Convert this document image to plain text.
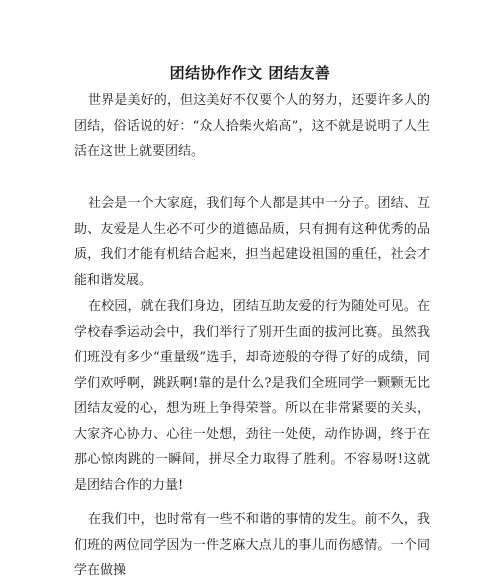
团结协作作文 团结友善

世界是美好的，但这美好不仅要个人的努力，还要许多人的团结，俗话说的好：“众人拾柴火焰高”，这不就是说明了人生活在这世上就要团结。

社会是一个大家庭，我们每个人都是其中一分子。团结、互助、友爱是人生必不可少的道德品质，只有拥有这种优秀的品质，我们才能有机结合起来，担当起建设祖国的重任，社会才能和谐发展。

在校园，就在我们身边，团结互助友爱的行为随处可见。在学校春季运动会中，我们举行了别开生面的拔河比赛。虽然我们班没有多少“重量级”选手，却奇迹般的夺得了好的成绩，同学们欢呼啊，跳跃啊!靠的是什么?是我们全班同学一颗颗无比团结友爱的心，想为班上争得荣誉。所以在非常紧要的关头，大家齐心协力、心往一处想，劲往一处使，动作协调，终于在那心惊肉跳的一瞬间，拼尽全力取得了胜利。不容易呀!这就是团结合作的力量!

在我们中，也时常有一些不和谐的事情的发生。前不久，我们班的两位同学因为一件芝麻大点儿的事儿而伤感情。一个同学在做操
